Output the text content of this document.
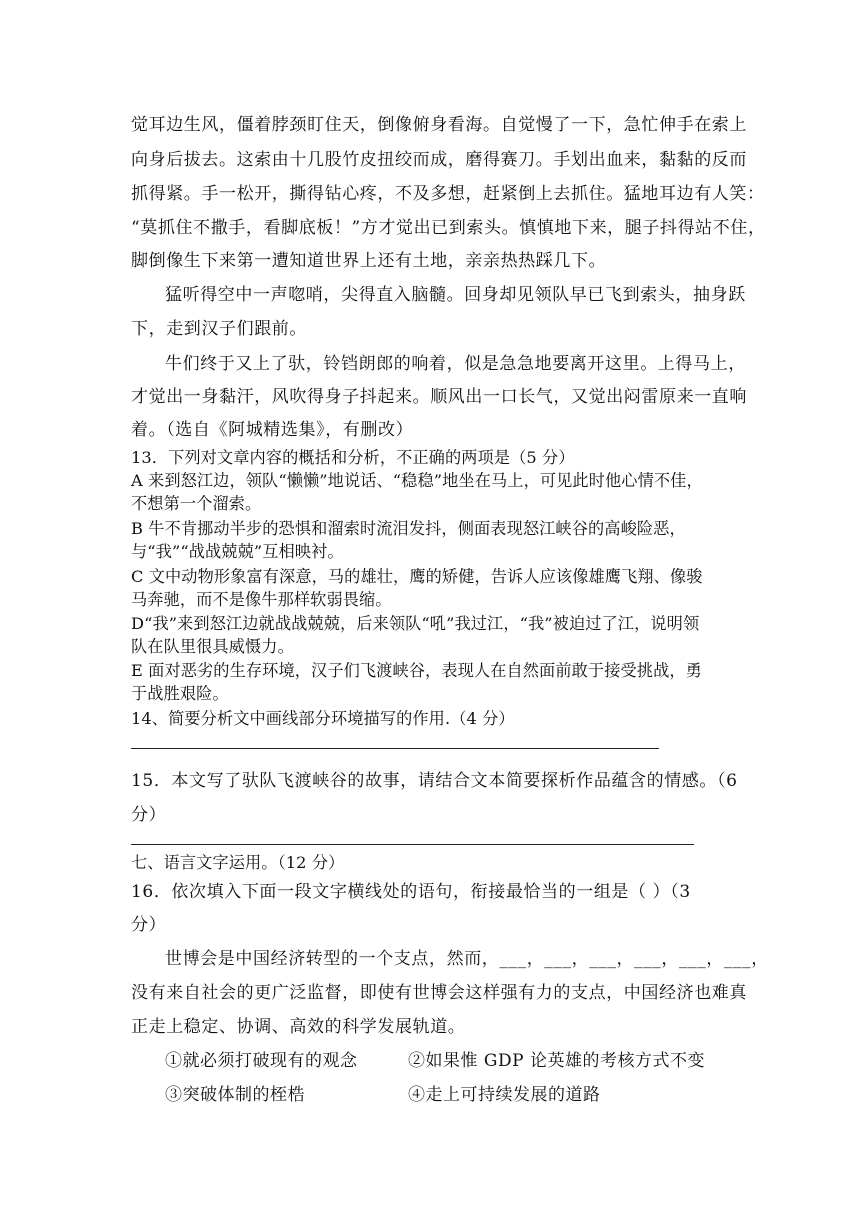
觉耳边生风，僵着脖颈盯住天，倒像俯身看海。自觉慢了一下，急忙伸手在索上
向身后拔去。这索由十几股竹皮扭绞而成，磨得赛刀。手划出血来，黏黏的反而
抓得紧。手一松开，撕得钻心疼，不及多想，赶紧倒上去抓住。猛地耳边有人笑：
“莫抓住不撒手，看脚底板！”方才觉出已到索头。慎慎地下来，腿子抖得站不住，
脚倒像生下来第一遭知道世界上还有土地，亲亲热热踩几下。
猛听得空中一声唿哨，尖得直入脑髓。回身却见领队早已飞到索头，抽身跃
下，走到汉子们跟前。
牛们终于又上了驮，铃铛朗郎的响着，似是急急地要离开这里。上得马上，
才觉出一身黏汗，风吹得身子抖起来。顺风出一口长气，又觉出闷雷原来一直响
着。（选自《阿城精选集》，有删改）
13．下列对文章内容的概括和分析，不正确的两项是（5 分）
A 来到怒江边，领队“懒懒”地说话、“稳稳”地坐在马上，可见此时他心情不佳，
不想第一个溜索。
B 牛不肯挪动半步的恐惧和溜索时流泪发抖，侧面表现怒江峡谷的高峻险恶，
与“我”“战战兢兢”互相映衬。
C 文中动物形象富有深意，马的雄壮，鹰的矫健，告诉人应该像雄鹰飞翔、像骏
马奔驰，而不是像牛那样软弱畏缩。
D“我”来到怒江边就战战兢兢，后来领队“吼”我过江，“我”被迫过了江，说明领
队在队里很具威慑力。
E 面对恶劣的生存环境，汉子们飞渡峡谷，表现人在自然面前敢于接受挑战，勇
于战胜艰险。
14、简要分析文中画线部分环境描写的作用.（4 分）
15．本文写了驮队飞渡峡谷的故事，请结合文本简要探析作品蕴含的情感。（6
分）
七、语言文字运用。（12 分）
16．依次填入下面一段文字横线处的语句，衔接最恰当的一组是（ ）（3
分）
世博会是中国经济转型的一个支点，然而，___，___，___，___，___，___，
没有来自社会的更广泛监督，即使有世博会这样强有力的支点，中国经济也难真
正走上稳定、协调、高效的科学发展轨道。
①就必须打破现有的观念	②如果惟 GDP 论英雄的考核方式不变
③突破体制的桎梏	④走上可持续发展的道路
